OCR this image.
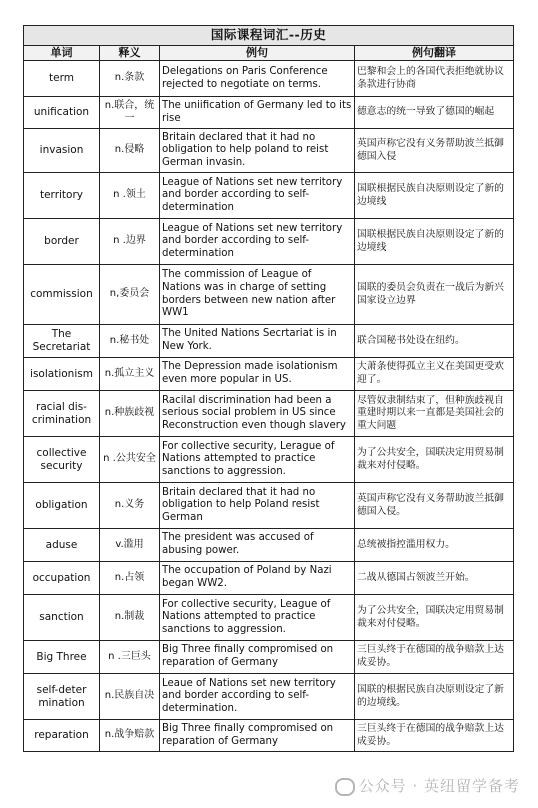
国际课程词汇--历史			
单词	释义	例句	例句翻译
term	n.条款	Delegations on Paris Conference rejected to negotiate on terms.	巴黎和会上的各国代表拒绝就协议条款进行协商
unification	n.联合，统一	The uniification of Germany led to its rise	德意志的统一导致了德国的崛起
invasion	n.侵略	Britain declared that it had no obligation to help poland to reist German invasin.	英国声称它没有义务帮助波兰抵御德国入侵
territory	n .领土	League of Nations set new territory and border according to self-determination	国联根据民族自决原则设定了新的边境线
border	n .边界	League of Nations set new territory and border according to self-determination	国联根据民族自决原则设定了新的边境线
commission	n,委员会	The commission of League of Nations was in charge of setting borders between new nation after WW1	国联的委员会负责在一战后为新兴国家设立边界
The Secretariat	n.秘书处	The United Nations Secrtariat is in New York.	联合国秘书处设在纽约。
isolationism	n.孤立主义	The Depression made isolationism even more popular in US.	大萧条使得孤立主义在美国更受欢迎了。
racial dis-crimination	n.种族歧视	Racilal discrimination had been a serious social problem in US since Reconstruction even though slavery	尽管奴隶制结束了，但种族歧视自重建时期以来一直都是美国社会的重大问题
collective security	n .公共安全	For collective security, Lerague of Nations attempted to practice sanctions to aggression.	为了公共安全，国联决定用贸易制裁来对付侵略。
obligation	n.义务	Britain declared that it had no obligation to help Poland resist German	英国声称它没有义务帮助波兰抵御德国入侵。
aduse	v.滥用	The president was accused of abusing power.	总统被指控滥用权力。
occupation	n.占领	The occupation of Poland by Nazi began WW2.	二战从德国占领波兰开始。
sanction	n.制裁	For collective security, League of Nations attempted to practice sanctions to aggression.	为了公共安全，国联决定用贸易制裁来对付侵略。
Big Three	n .三巨头	Big Three finally compromised on reparation of Germany	三巨头终于在德国的战争赔款上达成妥协。
self-deter mination	n.民族自决	Leaue of Nations set new territory and border according to self-determination.	国联的根据民族自决原则设定了新的边境线。
reparation	n.战争赔款	Big Three finally compromised on reparation of Germany	三巨头终于在德国的战争赔款上达成妥协。
公众号 · 英纽留学备考
